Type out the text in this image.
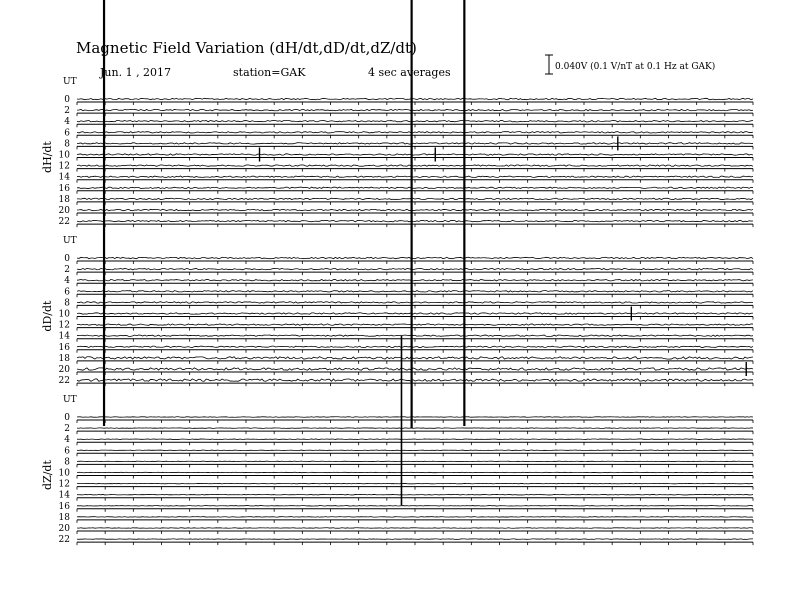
Magnetic Field Variation (dH/dt,dD/dt,dZ/dt)
Jun. 1 , 2017	station=GAK	4 sec averages	0.040V (0.1 V/nT at 0.1 Hz at GAK)
UT
dH/dt
0
2
4
6
8
10
12
14
16
18
20
22
UT
dD/dt
0
2
4
6
8
10
12
14
16
18
20
22
UT
dZ/dt
0
2
4
6
8
10
12
14
16
18
20
22
